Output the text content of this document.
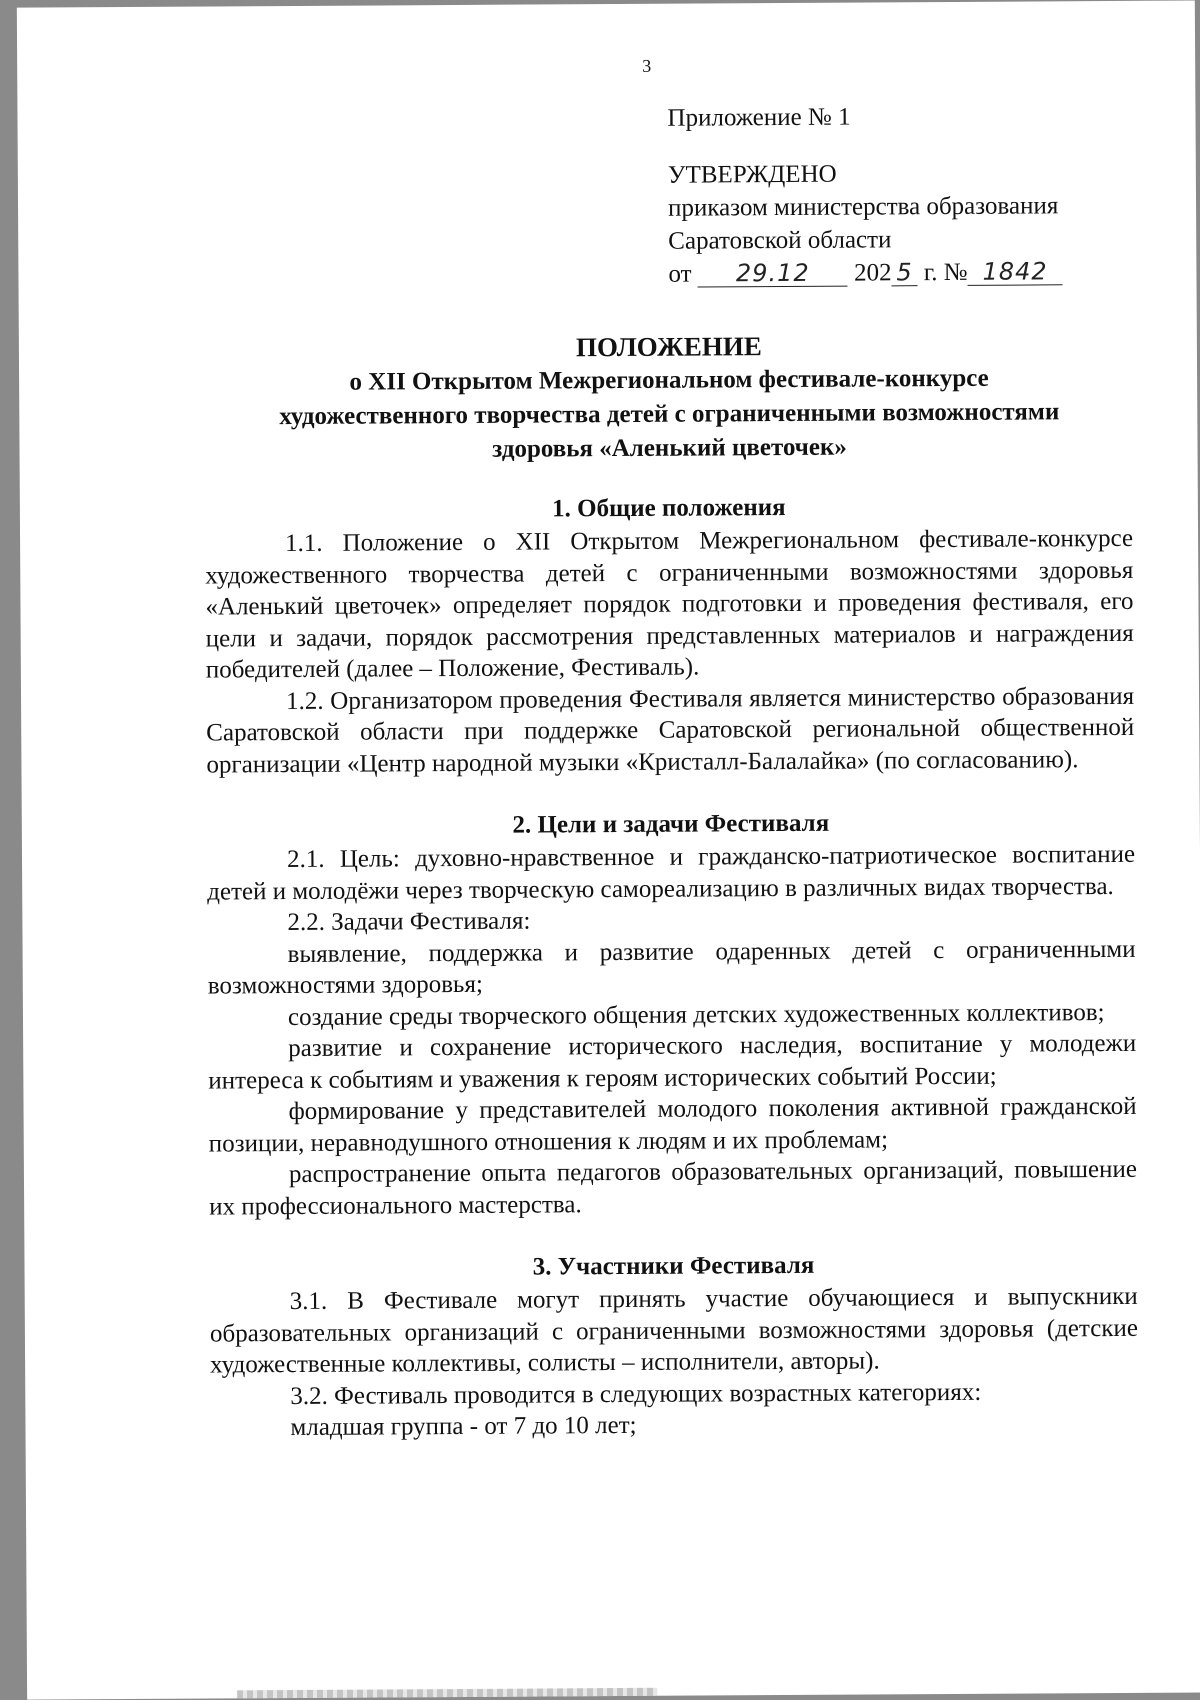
3
Приложение № 1
УТВЕРЖДЕНО
приказом министерства образования
Саратовской области
от 29.12 202 5 г. № 1842
ПОЛОЖЕНИЕ
о XII Открытом Межрегиональном фестивале-конкурсе
художественного творчества детей с ограниченными возможностями
здоровья «Аленький цветочек»
1. Общие положения

1.1. Положение о XII Открытом Межрегиональном фестивале-конкурсе художественного творчества детей с ограниченными возможностями здоровья «Аленький цветочек» определяет порядок подготовки и проведения фестиваля, его цели и задачи, порядок рассмотрения представленных материалов и награждения победителей (далее – Положение, Фестиваль).

1.2. Организатором проведения Фестиваля является министерство образования Саратовской области при поддержке Саратовской региональной общественной организации «Центр народной музыки «Кристалл-Балалайка» (по согласованию).

2. Цели и задачи Фестиваля

2.1. Цель: духовно-нравственное и гражданско-патриотическое воспитание детей и молодёжи через творческую самореализацию в различных видах творчества.

2.2. Задачи Фестиваля:

выявление, поддержка и развитие одаренных детей с ограниченными возможностями здоровья;

создание среды творческого общения детских художественных коллективов;

развитие и сохранение исторического наследия, воспитание у молодежи интереса к событиям и уважения к героям исторических событий России;

формирование у представителей молодого поколения активной гражданской позиции, неравнодушного отношения к людям и их проблемам;

распространение опыта педагогов образовательных организаций, повышение их профессионального мастерства.

3. Участники Фестиваля

3.1. В Фестивале могут принять участие обучающиеся и выпускники образовательных организаций с ограниченными возможностями здоровья (детские художественные коллективы, солисты – исполнители, авторы).

3.2. Фестиваль проводится в следующих возрастных категориях:

младшая группа - от 7 до 10 лет;
